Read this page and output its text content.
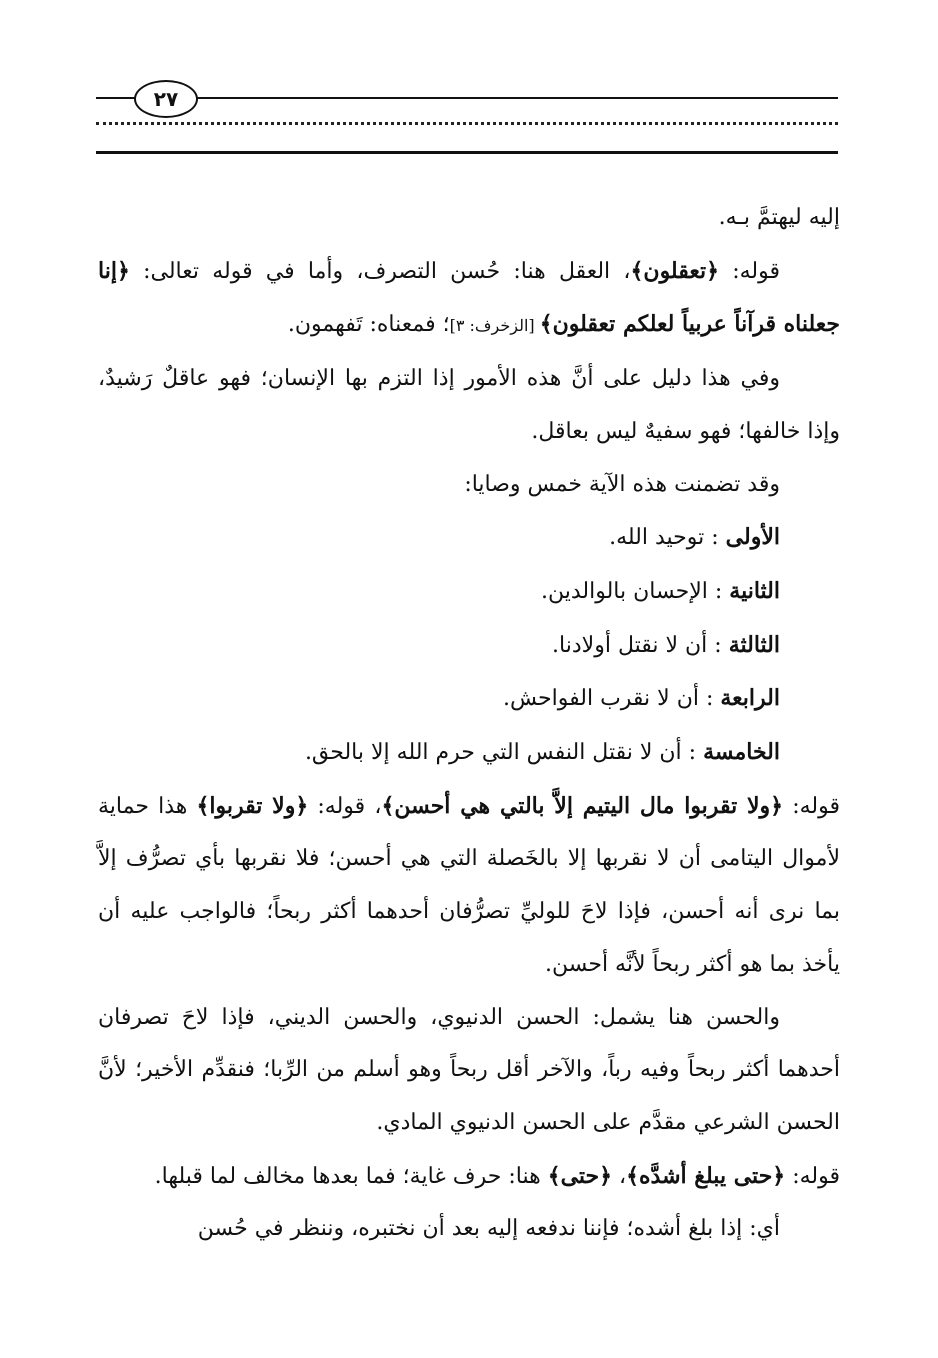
٢٧

إليه ليهتمَّ بـه.

قوله: ﴿تعقلون﴾، العقل هنا: حُسن التصرف، وأما في قوله تعالى: ﴿إنا جعلناه قرآناً عربياً لعلكم تعقلون﴾ [الزخرف: ٣]؛ فمعناه: تَفهمون.

وفي هذا دليل على أنَّ هذه الأمور إذا التزم بها الإنسان؛ فهو عاقلٌ رَشيدٌ، وإذا خالفها؛ فهو سفيهٌ ليس بعاقل.

وقد تضمنت هذه الآية خمس وصايا:

الأولى : توحيد الله.

الثانية : الإحسان بالوالدين.

الثالثة : أن لا نقتل أولادنا.

الرابعة : أن لا نقرب الفواحش.

الخامسة : أن لا نقتل النفس التي حرم الله إلا بالحق.

قوله: ﴿ولا تقربوا مال اليتيم إلاَّ بالتي هي أحسن﴾، قوله: ﴿ولا تقربوا﴾ هذا حماية لأموال اليتامى أن لا نقربها إلا بالخَصلة التي هي أحسن؛ فلا نقربها بأي تصرُّف إلاَّ بما نرى أنه أحسن، فإذا لاحَ للوليِّ تصرُّفان أحدهما أكثر ربحاً؛ فالواجب عليه أن يأخذ بما هو أكثر ربحاً لأنَّه أحسن.

والحسن هنا يشمل: الحسن الدنيوي، والحسن الديني، فإذا لاحَ تصرفان أحدهما أكثر ربحاً وفيه رباً، والآخر أقل ربحاً وهو أسلم من الرِّبا؛ فنقدِّم الأخير؛ لأنَّ الحسن الشرعي مقدَّم على الحسن الدنيوي المادي.

قوله: ﴿حتى يبلغ أشدَّه﴾، ﴿حتى﴾ هنا: حرف غاية؛ فما بعدها مخالف لما قبلها.

أي: إذا بلغ أشده؛ فإننا ندفعه إليه بعد أن نختبره، وننظر في حُسن
